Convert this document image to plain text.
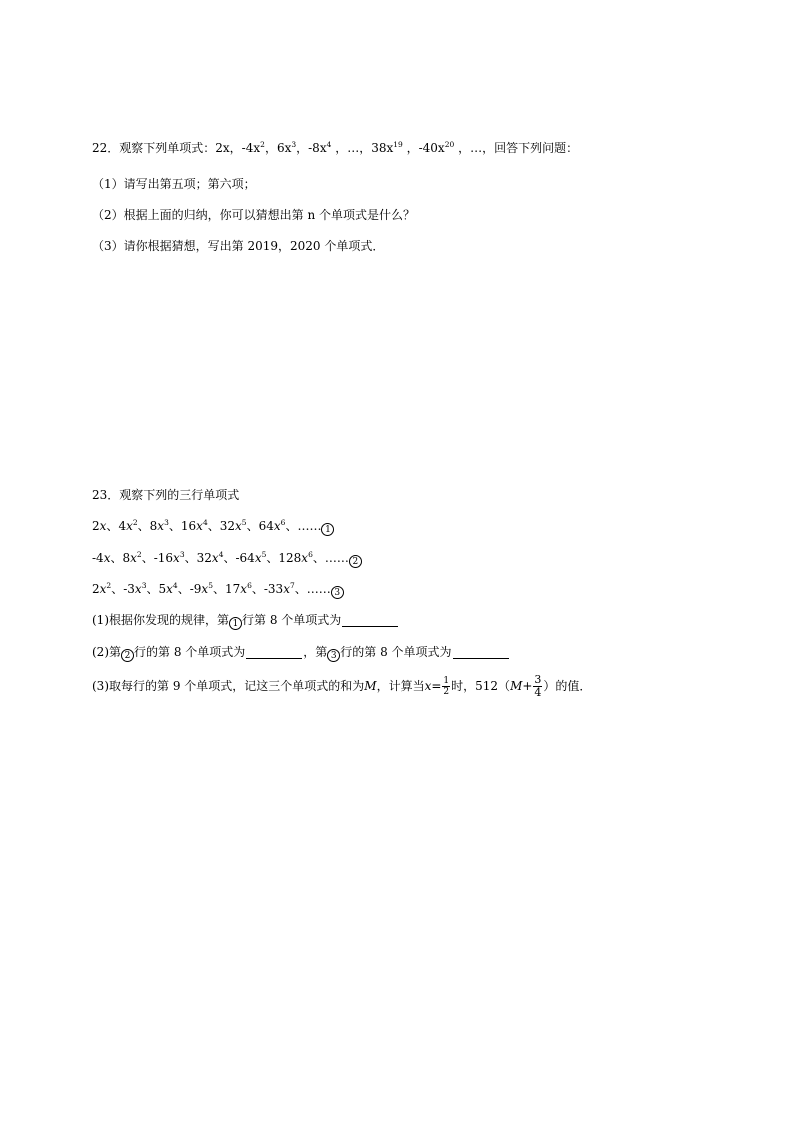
22．观察下列单项式：2x，$-4x^2$，$6x^3$，$-8x^4$ ，…，$38x^{19}$ ，$-40x^{20}$ ，…，回答下列问题：
（1）请写出第五项；第六项；
（2）根据上面的归纳，你可以猜想出第 n 个单项式是什么？
（3）请你根据猜想，写出第 2019，2020 个单项式．
23．观察下列的三行单项式
2x、$4x^2$、$8x^3$、$16x^4$、$32x^5$、$64x^6$、…… 1
-4x、$8x^2$、$-16x^3$、$32x^4$、$-64x^5$、$128x^6$、…… 2
$2x^2$、$-3x^3$、$5x^4$、$-9x^5$、$17x^6$、$-33x^7$、…… 3
(1)根据你发现的规律，第 1 行第 8 个单项式为
(2)第 2 行的第 8 个单项式为	，第 3 行的第 8 个单项式为
(3)取每行的第 9 个单项式，记这三个单项式的和为M，计算当$x= \frac{1}{2}$ 时，$512(M+ \frac{3}{4}$ ）的值．
